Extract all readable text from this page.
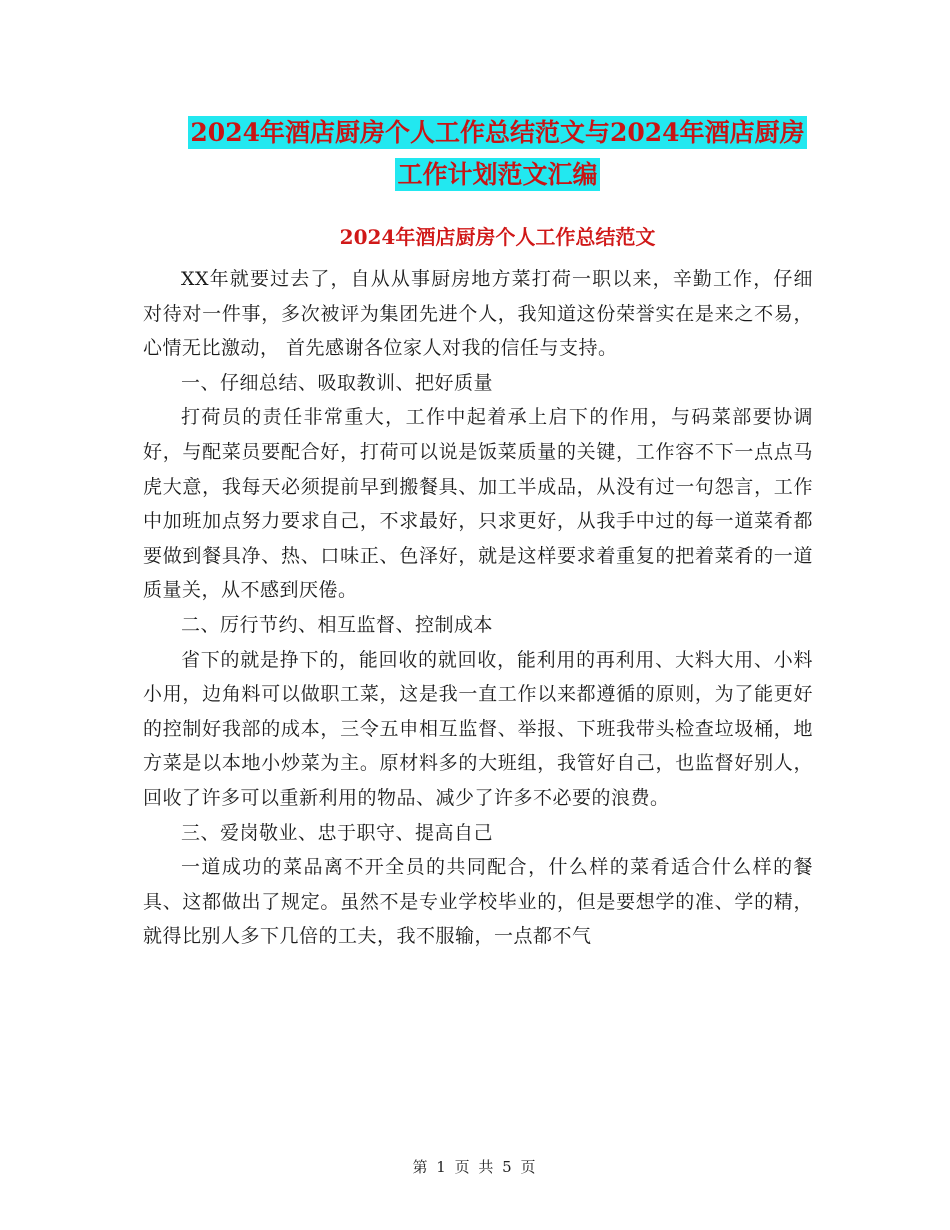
2024年酒店厨房个人工作总结范文与2024年酒店厨房
工作计划范文汇编
2024年酒店厨房个人工作总结范文

XX年就要过去了，自从从事厨房地方菜打荷一职以来，辛勤工作，仔细对待对一件事，多次被评为集团先进个人，我知道这份荣誉实在是来之不易，心情无比激动， 首先感谢各位家人对我的信任与支持。

一、仔细总结、吸取教训、把好质量

打荷员的责任非常重大，工作中起着承上启下的作用，与码菜部要协调好，与配菜员要配合好，打荷可以说是饭菜质量的关键，工作容不下一点点马虎大意，我每天必须提前早到搬餐具、加工半成品，从没有过一句怨言，工作中加班加点努力要求自己，不求最好，只求更好，从我手中过的每一道菜肴都要做到餐具净、热、口味正、色泽好，就是这样要求着重复的把着菜肴的一道质量关，从不感到厌倦。

二、厉行节约、相互监督、控制成本

省下的就是挣下的，能回收的就回收，能利用的再利用、大料大用、小料小用，边角料可以做职工菜，这是我一直工作以来都遵循的原则，为了能更好的控制好我部的成本，三令五申相互监督、举报、下班我带头检查垃圾桶，地方菜是以本地小炒菜为主。原材料多的大班组，我管好自己，也监督好别人，回收了许多可以重新利用的物品、减少了许多不必要的浪费。

三、爱岗敬业、忠于职守、提高自己

一道成功的菜品离不开全员的共同配合，什么样的菜肴适合什么样的餐具、这都做出了规定。虽然不是专业学校毕业的，但是要想学的准、学的精，就得比别人多下几倍的工夫，我不服输，一点都不气

第 1 页 共 5 页
